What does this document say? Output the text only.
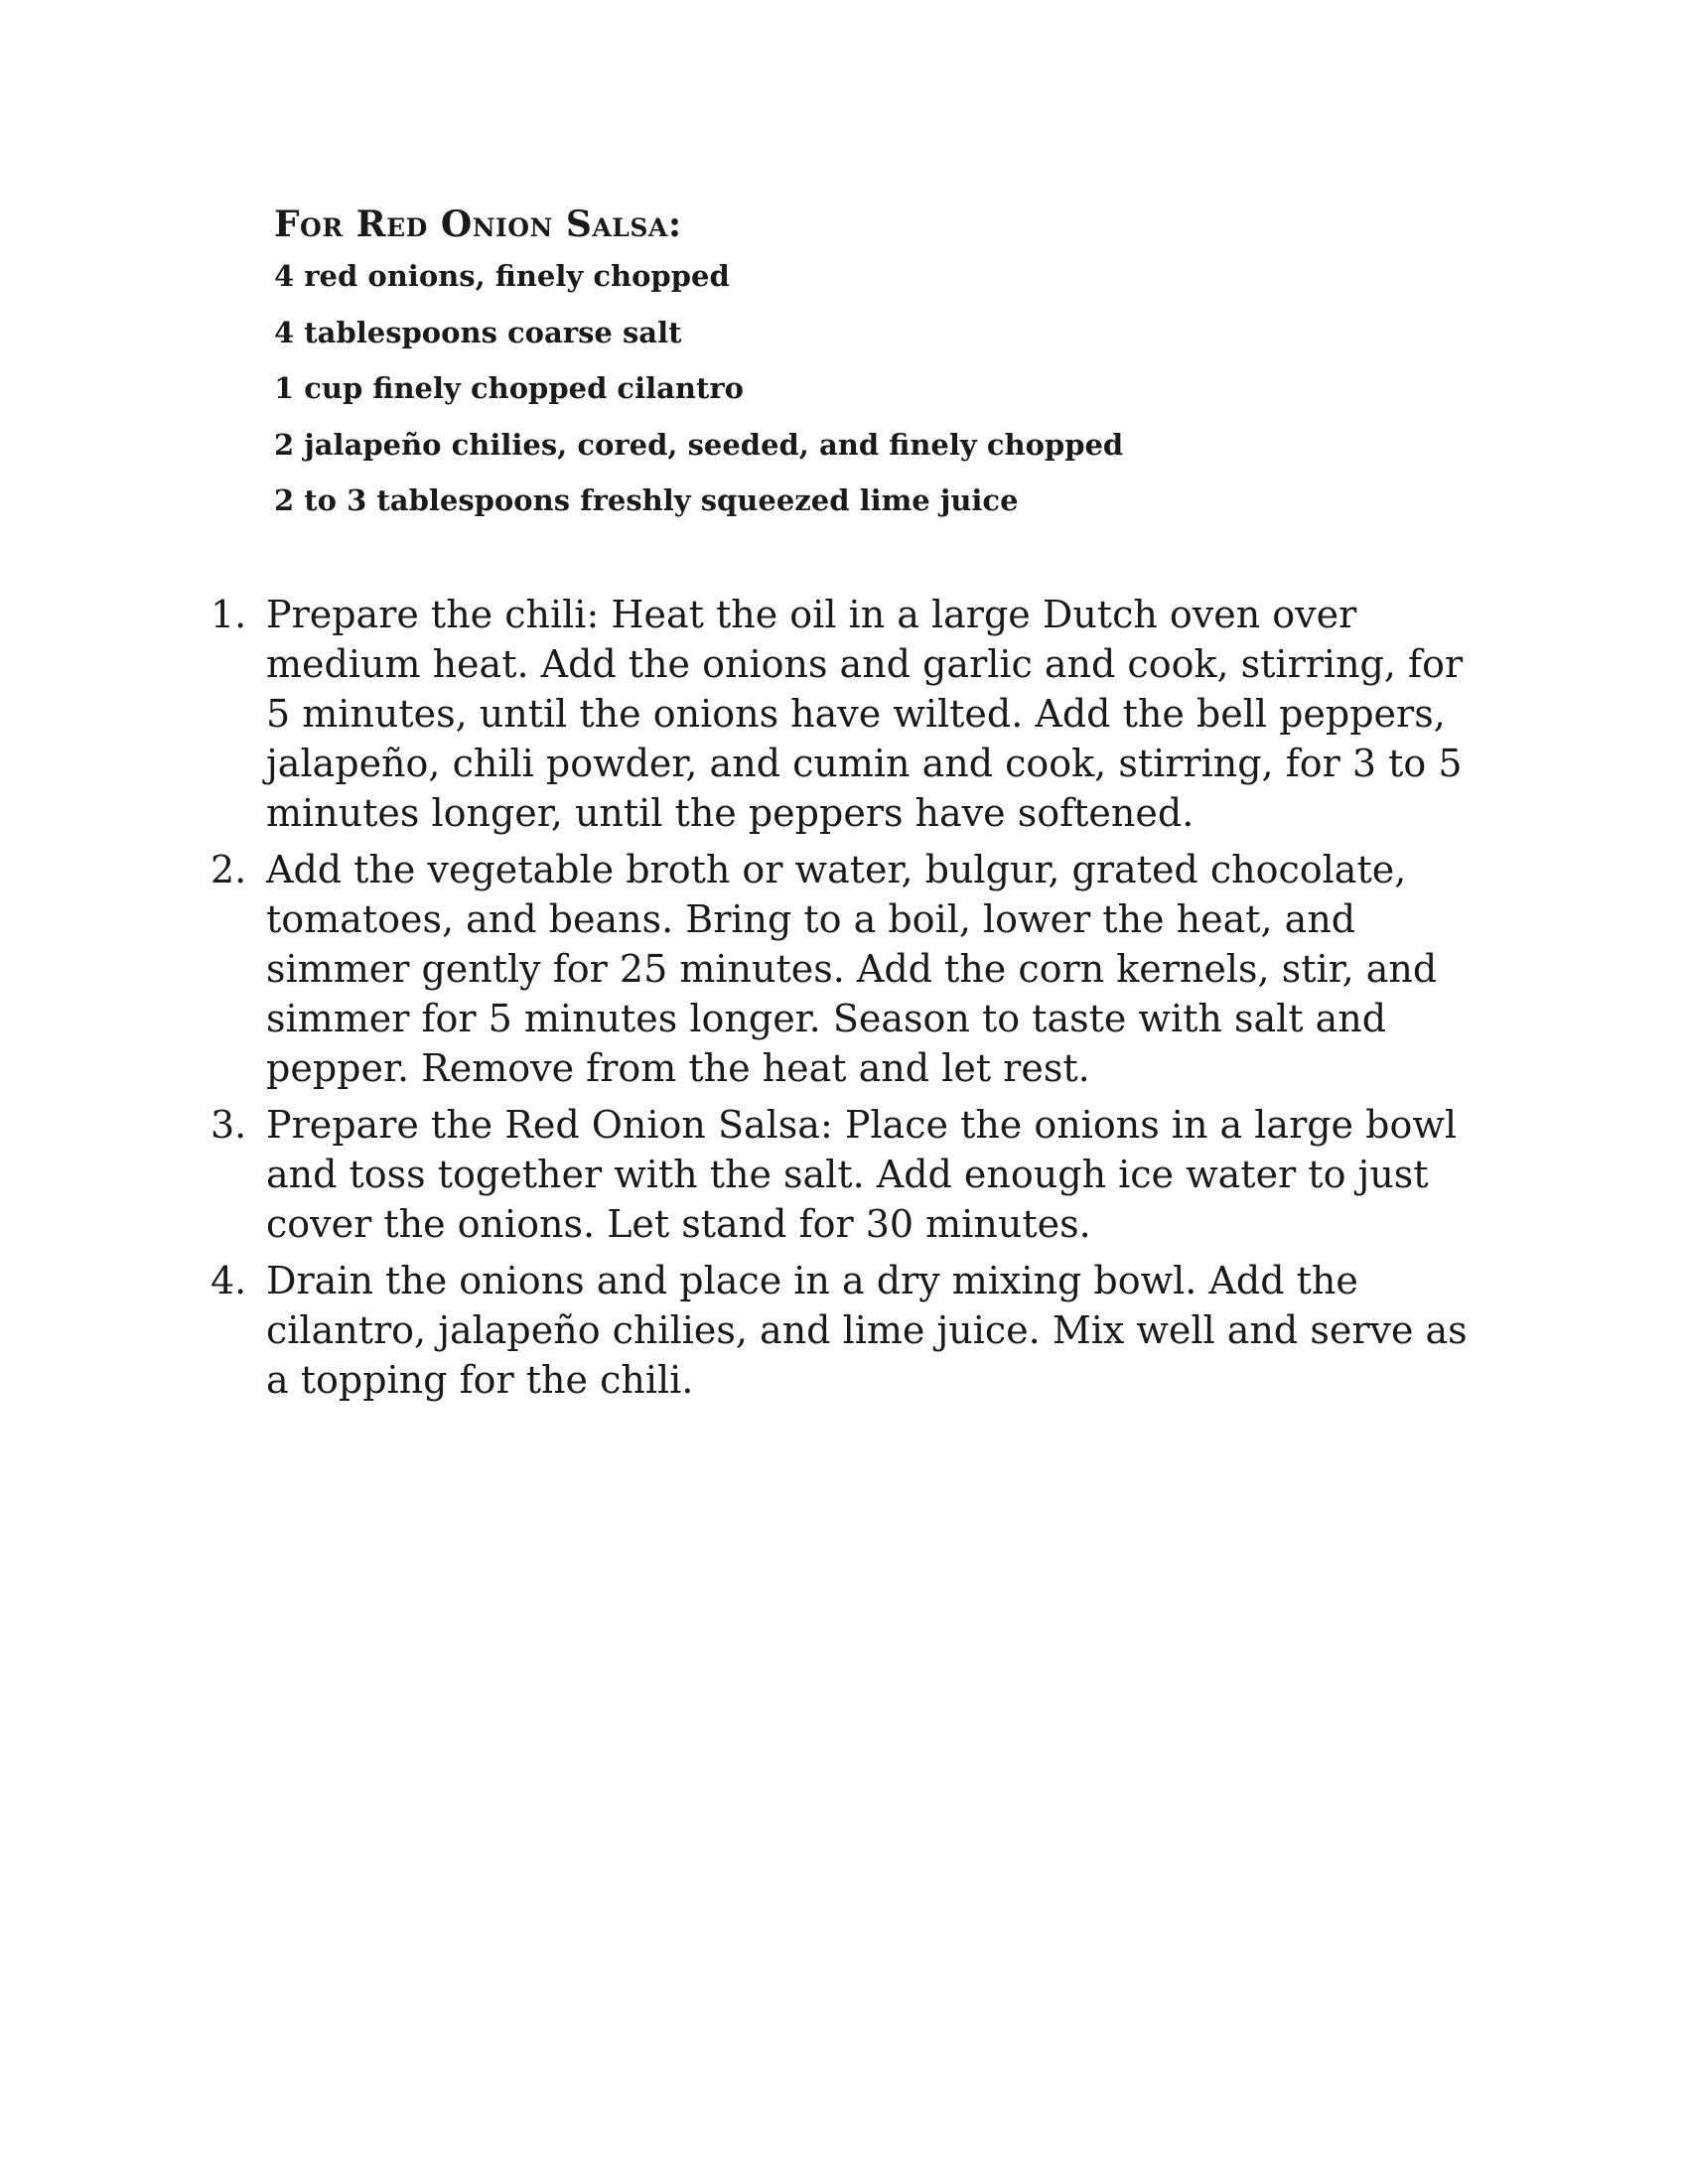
For Red Onion Salsa:
4 red onions, finely chopped
4 tablespoons coarse salt
1 cup finely chopped cilantro
2 jalapeño chilies, cored, seeded, and finely chopped
2 to 3 tablespoons freshly squeezed lime juice
1. Prepare the chili: Heat the oil in a large Dutch oven over medium heat. Add the onions and garlic and cook, stirring, for 5 minutes, until the onions have wilted. Add the bell peppers, jalapeño, chili powder, and cumin and cook, stirring, for 3 to 5 minutes longer, until the peppers have softened.
2. Add the vegetable broth or water, bulgur, grated chocolate, tomatoes, and beans. Bring to a boil, lower the heat, and simmer gently for 25 minutes. Add the corn kernels, stir, and simmer for 5 minutes longer. Season to taste with salt and pepper. Remove from the heat and let rest.
3. Prepare the Red Onion Salsa: Place the onions in a large bowl and toss together with the salt. Add enough ice water to just cover the onions. Let stand for 30 minutes.
4. Drain the onions and place in a dry mixing bowl. Add the cilantro, jalapeño chilies, and lime juice. Mix well and serve as a topping for the chili.
